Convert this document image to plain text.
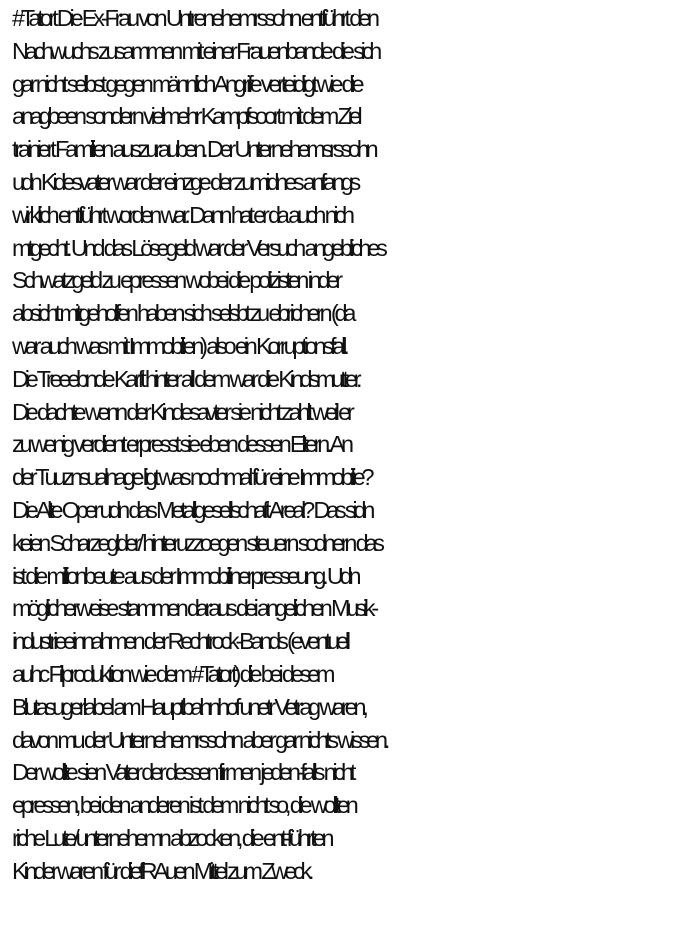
#Tatort Die Ex-Frau von Untrenehemrssohn entführt den
Nachwuchs zusammen mit einer Frauenbande die sich
gar nicht selbst gegen männlich Angrife verteidigt wie die
anagbeen sondern vielmehr Kampfsoort mit dem Ziel
trainiert Familien auszurauben. Der Unternehemsrssohn
udn Kidesvater war der einzge der zumidnes anfangs
wirklich entführt worden war. Dann hat er da auch nich
mtgecht. Und das Lösegeld war der Versuch angebliches
Schwatzgeld zu epressen wobei die polizisten inder
absicht mitgeholfen haben sich selsbt zu ebrichern (da
war auch was mit Immobilien) also ein Korruptionsfall.
Die Treeebnde Karft hinter all dem war die Kindsmutter.
Die dachte wenn der Kindesavter sie nicht zahlt weil er
zu wenig verdient erpresst sie eben dessen Eltern. An
der Tuuznsualnage ligt was nochmal für eine Immobilie?
Die Alte Oper udn das Metallgesellschaft Areal? Das sidn
keien Scharzeglder/ hinteruzzoegen steuern sodnern das
ist die millionbeute aus der Immobilinerpresseung. Udn
möglicherweise stammen daraus dei angelichen Musik-
industrieeinnahmen der Rechtrock-Bands (eventuell
auhc Filproduktion wie dem #Tatort) die bei desem
Blutasugerlabel am Hauptbahnhof unetr Vetrag waren,
davon mu der Unternehemrssohn aber gar nichts wissen.
Der wollte sien Vater der dessen firmen jeden-falls nicht
epressen, bei den anderen ist dem nicht so, die wollten
riche Lute/unternehemn abzocken, die ent-führten
Kinder waren für diefRAuen Mittel zum Zweck.
